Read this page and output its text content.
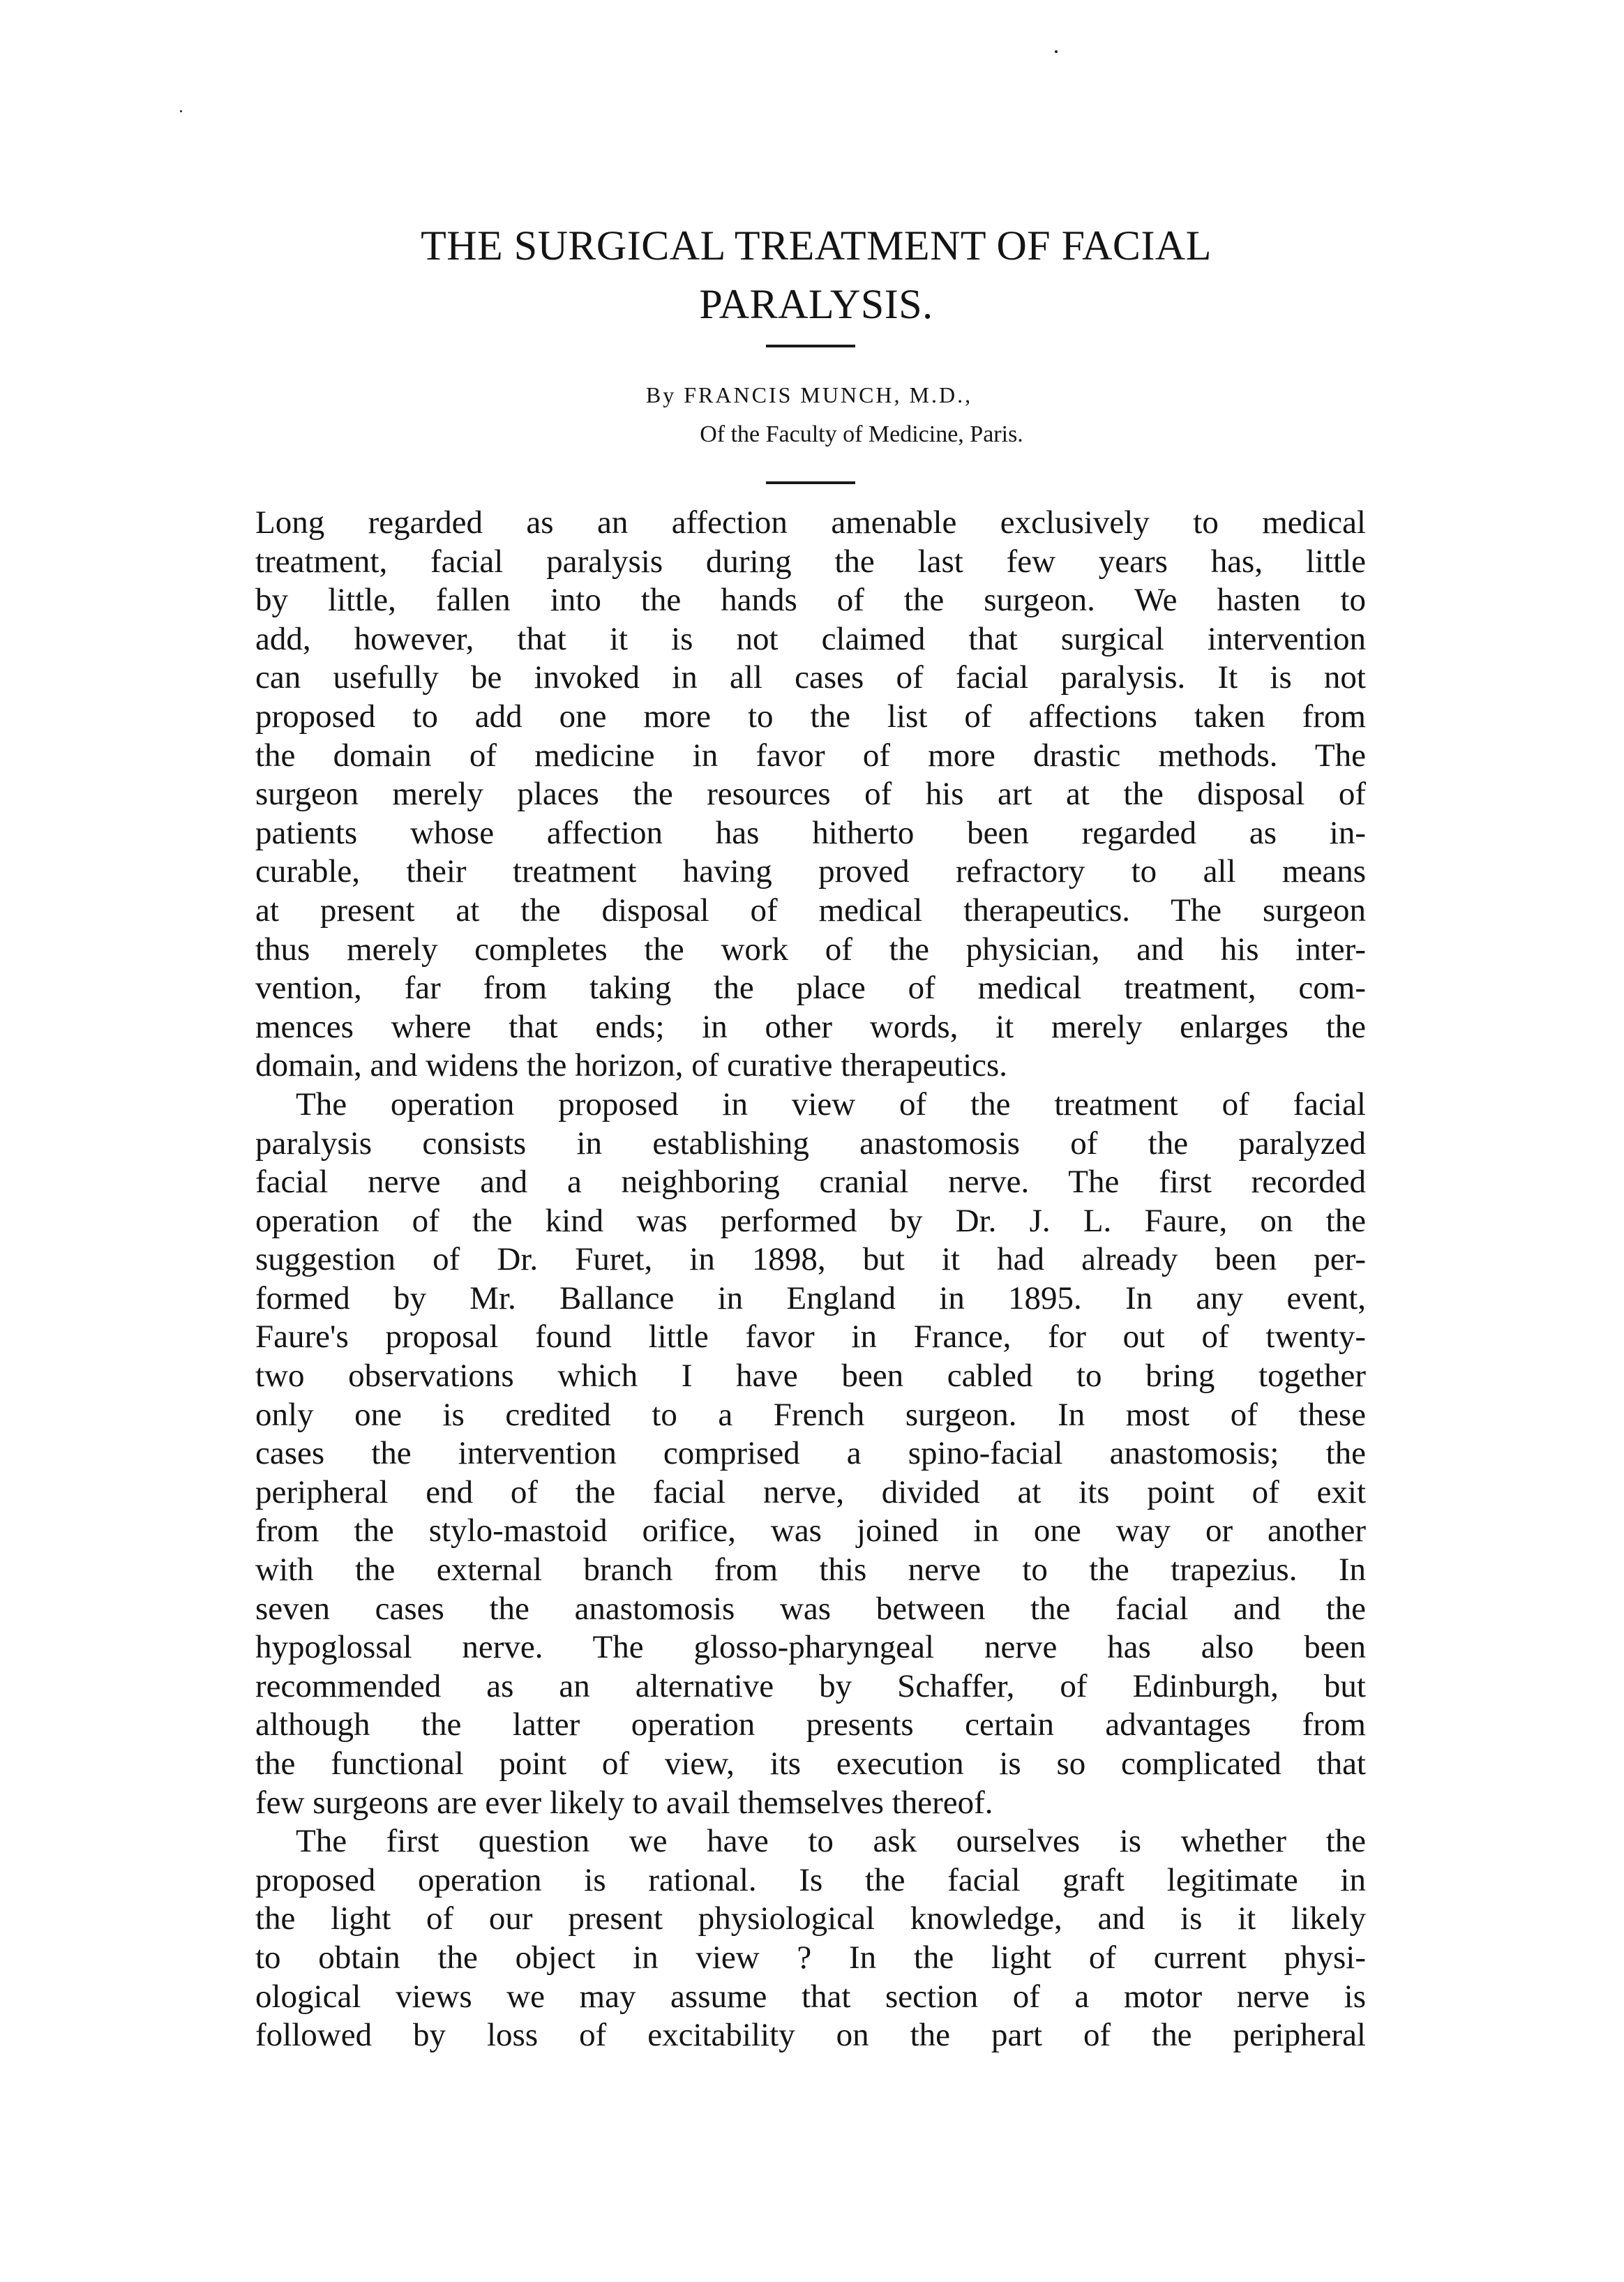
THE SURGICAL TREATMENT OF FACIAL
PARALYSIS.

By FRANCIS MUNCH, M.D.,
Of the Faculty of Medicine, Paris.

Long regarded as an affection amenable exclusively to medical
treatment, facial paralysis during the last few years has, little
by little, fallen into the hands of the surgeon. We hasten to
add, however, that it is not claimed that surgical intervention
can usefully be invoked in all cases of facial paralysis. It is not
proposed to add one more to the list of affections taken from
the domain of medicine in favor of more drastic methods. The
surgeon merely places the resources of his art at the disposal of
patients whose affection has hitherto been regarded as in-
curable, their treatment having proved refractory to all means
at present at the disposal of medical therapeutics. The surgeon
thus merely completes the work of the physician, and his inter-
vention, far from taking the place of medical treatment, com-
mences where that ends; in other words, it merely enlarges the
domain, and widens the horizon, of curative therapeutics.
The operation proposed in view of the treatment of facial
paralysis consists in establishing anastomosis of the paralyzed
facial nerve and a neighboring cranial nerve. The first recorded
operation of the kind was performed by Dr. J. L. Faure, on the
suggestion of Dr. Furet, in 1898, but it had already been per-
formed by Mr. Ballance in England in 1895. In any event,
Faure's proposal found little favor in France, for out of twenty-
two observations which I have been cabled to bring together
only one is credited to a French surgeon. In most of these
cases the intervention comprised a spino-facial anastomosis; the
peripheral end of the facial nerve, divided at its point of exit
from the stylo-mastoid orifice, was joined in one way or another
with the external branch from this nerve to the trapezius. In
seven cases the anastomosis was between the facial and the
hypoglossal nerve. The glosso-pharyngeal nerve has also been
recommended as an alternative by Schaffer, of Edinburgh, but
although the latter operation presents certain advantages from
the functional point of view, its execution is so complicated that
few surgeons are ever likely to avail themselves thereof.
The first question we have to ask ourselves is whether the
proposed operation is rational. Is the facial graft legitimate in
the light of our present physiological knowledge, and is it likely
to obtain the object in view ? In the light of current physi-
ological views we may assume that section of a motor nerve is
followed by loss of excitability on the part of the peripheral
